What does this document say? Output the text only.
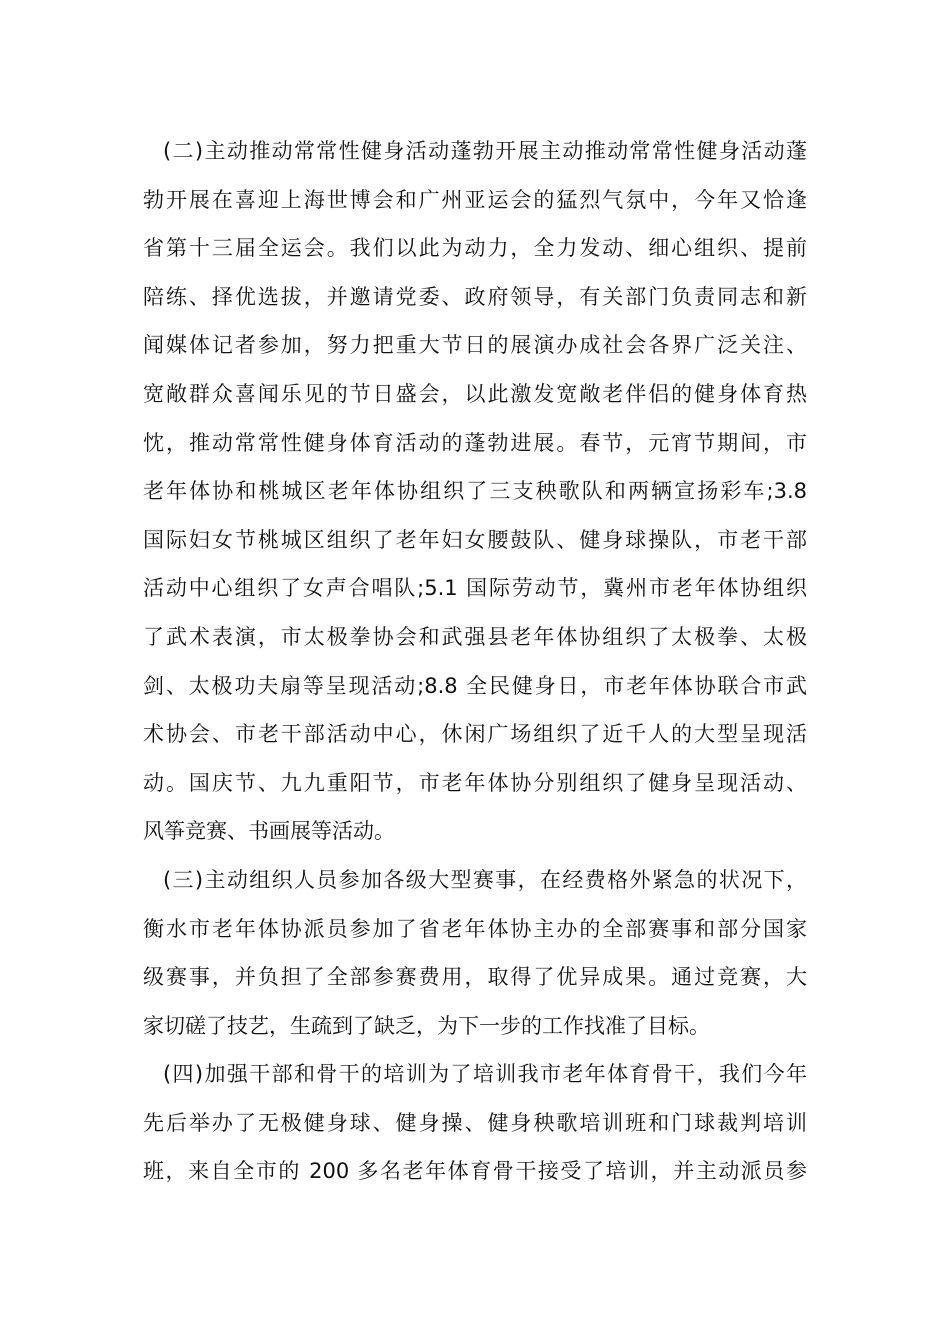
(二)主动推动常常性健身活动蓬勃开展主动推动常常性健身活动蓬
勃开展在喜迎上海世博会和广州亚运会的猛烈气氛中，今年又恰逢
省第十三届全运会。我们以此为动力，全力发动、细心组织、提前
陪练、择优选拔，并邀请党委、政府领导，有关部门负责同志和新
闻媒体记者参加，努力把重大节日的展演办成社会各界广泛关注、
宽敞群众喜闻乐见的节日盛会，以此激发宽敞老伴侣的健身体育热
忱，推动常常性健身体育活动的蓬勃进展。春节，元宵节期间，市
老年体协和桃城区老年体协组织了三支秧歌队和两辆宣扬彩车;3.8
国际妇女节桃城区组织了老年妇女腰鼓队、健身球操队，市老干部
活动中心组织了女声合唱队;5.1 国际劳动节，冀州市老年体协组织
了武术表演，市太极拳协会和武强县老年体协组织了太极拳、太极
剑、太极功夫扇等呈现活动;8.8 全民健身日，市老年体协联合市武
术协会、市老干部活动中心，休闲广场组织了近千人的大型呈现活
动。国庆节、九九重阳节，市老年体协分别组织了健身呈现活动、
风筝竞赛、书画展等活动。
(三)主动组织人员参加各级大型赛事，在经费格外紧急的状况下，
衡水市老年体协派员参加了省老年体协主办的全部赛事和部分国家
级赛事，并负担了全部参赛费用，取得了优异成果。通过竞赛，大
家切磋了技艺，生疏到了缺乏，为下一步的工作找准了目标。
(四)加强干部和骨干的培训为了培训我市老年体育骨干，我们今年
先后举办了无极健身球、健身操、健身秧歌培训班和门球裁判培训
班，来自全市的 200 多名老年体育骨干接受了培训，并主动派员参
